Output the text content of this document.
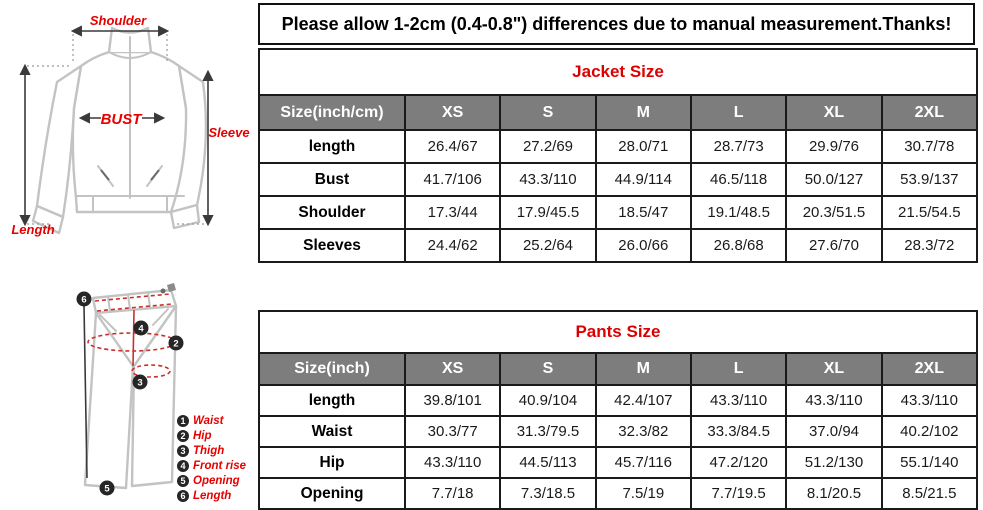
Shoulder
BUST
Sleeve
Length
6
4
2
3
5
1 Waist
2 Hip
3 Thigh
4 Front rise
5 Opening
6 Length
Please allow 1-2cm (0.4-0.8") differences due to manual measurement.Thanks!
Jacket Size						
Size(inch/cm)	XS	S	M	L	XL	2XL
length	26.4/67	27.2/69	28.0/71	28.7/73	29.9/76	30.7/78
Bust	41.7/106	43.3/110	44.9/114	46.5/118	50.0/127	53.9/137
Shoulder	17.3/44	17.9/45.5	18.5/47	19.1/48.5	20.3/51.5	21.5/54.5
Sleeves	24.4/62	25.2/64	26.0/66	26.8/68	27.6/70	28.3/72
Pants Size						
Size(inch)	XS	S	M	L	XL	2XL
length	39.8/101	40.9/104	42.4/107	43.3/110	43.3/110	43.3/110
Waist	30.3/77	31.3/79.5	32.3/82	33.3/84.5	37.0/94	40.2/102
Hip	43.3/110	44.5/113	45.7/116	47.2/120	51.2/130	55.1/140
Opening	7.7/18	7.3/18.5	7.5/19	7.7/19.5	8.1/20.5	8.5/21.5
